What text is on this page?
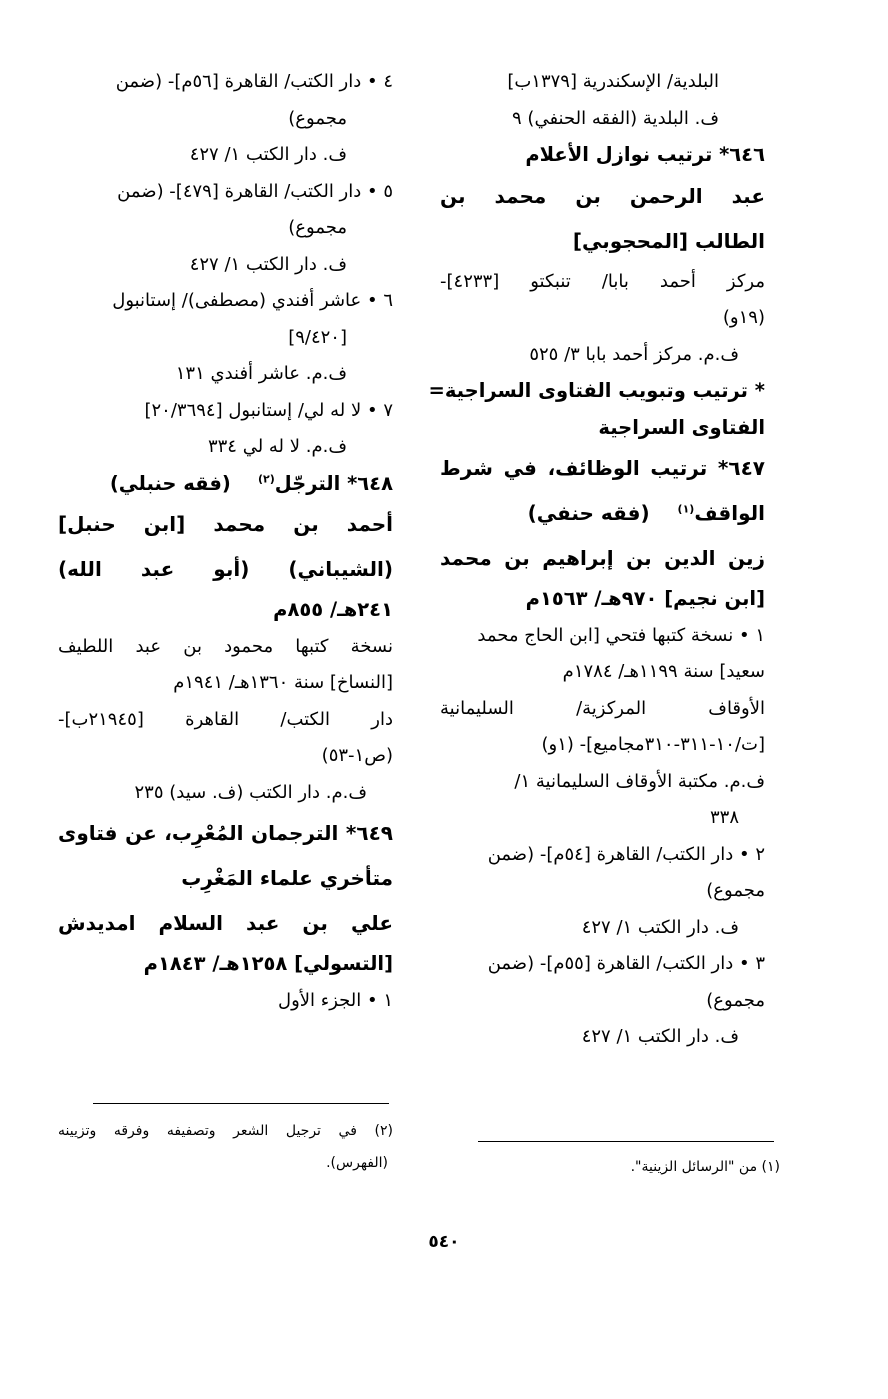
البلدية/ الإسكندرية [١٣٧٩ب]
ف. البلدية (الفقه الحنفي) ٩
٦٤٦* ترتيب نوازل الأعلام
عبد الرحمن بن محمد بن
الطالب [المحجوبي]
مركز أحمد بابا/ تنبكتو [٤٢٣٣]-
(١٩و)
ف.م. مركز أحمد بابا ٣/ ٥٢٥
* ترتيب وتبويب الفتاوى السراجية=
الفتاوى السراجية
٦٤٧* ترتيب الوظائف، في شرط
الواقف$^{(١)}$    (فقه حنفي)
زين الدين بن إبراهيم بن محمد
[ابن نجيم] ٩٧٠هـ/ ١٥٦٣م
١ • نسخة كتبها فتحي [ابن الحاج محمد
سعيد] سنة ١١٩٩هـ/ ١٧٨٤م
الأوقاف المركزية/ السليمانية
[ت/١٠-٣١١-٣١٠مجاميع]- (١و)
ف.م. مكتبة الأوقاف السليمانية ١/
٣٣٨
٢ • دار الكتب/ القاهرة [٥٤م]- (ضمن
مجموع)
ف. دار الكتب ١/ ٤٢٧
٣ • دار الكتب/ القاهرة [٥٥م]- (ضمن
مجموع)
ف. دار الكتب ١/ ٤٢٧
٤ • دار الكتب/ القاهرة [٥٦م]- (ضمن
مجموع)
ف. دار الكتب ١/ ٤٢٧
٥ • دار الكتب/ القاهرة [٤٧٩]- (ضمن
مجموع)
ف. دار الكتب ١/ ٤٢٧
٦ • عاشر أفندي (مصطفى)/ إستانبول
[٩/٤٢٠]
ف.م. عاشر أفندي ١٣١
٧ • لا له لي/ إستانبول [٢٠/٣٦٩٤]
ف.م. لا له لي ٣٣٤
٦٤٨* الترجّل$^{(٢)}$    (فقه حنبلي)
أحمد بن محمد [ابن حنبل]
(الشيباني) (أبو عبد الله)
٢٤١هـ/ ٨٥٥م
نسخة كتبها محمود بن عبد اللطيف
[النساخ] سنة ١٣٦٠هـ/ ١٩٤١م
دار الكتب/ القاهرة [٢١٩٤٥ب]-
(ص١-٥٣)
ف.م. دار الكتب (ف. سيد) ٢٣٥
٦٤٩* الترجمان المُعْرِب، عن فتاوى
متأخري علماء المَغْرِب
علي بن عبد السلام امديدش
[التسولي] ١٢٥٨هـ/ ١٨٤٣م
١ • الجزء الأول
(١) من "الرسائل الزينية".
(٢) في ترجيل الشعر وتصفيفه وفرقه وتزيينه
(الفهرس).
٥٤٠
